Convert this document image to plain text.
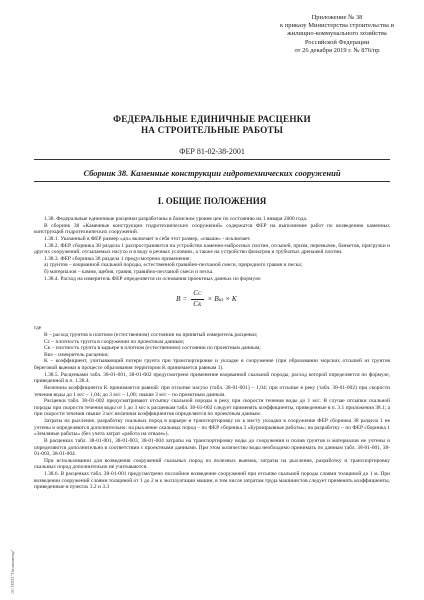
Приложение № 38
к приказу Министерства строительства и
жилищно-коммунального хозяйства
Российской Федерации
от 26 декабря 2019 г. № 876/пр
ФЕДЕРАЛЬНЫЕ ЕДИНИЧНЫЕ РАСЦЕНКИ
НА СТРОИТЕЛЬНЫЕ РАБОТЫ
ФЕР 81-02-38-2001
Сборник 38. Каменные конструкции гидротехнических сооружений
I. ОБЩИЕ ПОЛОЖЕНИЯ

1.38. Федеральные единичные расценки разработаны в базисном уровне цен по состоянию на 1 января 2000 года.

В сборник 38 «Каменные конструкции гидротехнических сооружений» содержатся ФЕР на выполнение работ по возведению каменных конструкций гидротехнических сооружений.

1.38.1. Указанный в ФЕР размер «до» включает в себя этот размер, «свыше» - исключает.

1.38.2. ФЕР сборника 38 раздела 1 распространяются на устройство каменно-набросных плотин, отсыпей, призм, перемычек, банкетов, пригрузки и других сооружений, отсыпаемых насухо и в воду в речных условиях, а также на устройство фильтров и трубчатых дренажей плотин.

1.38.3. ФЕР сборника 38 раздела 1 предусмотрено применение:

а) грунтов – взорванной скальной породы, естественной гравийно-песчаной смеси, природного гравия и песка;

б) материалов – камня, щебня, гравия, гравийно-песчаной смеси и песка.

1.38.4. Расход на измеритель ФЕР определяется из основания проектных данных по формуле:

$B = \frac{CC}{CK}$ × Bиз × K

где

B – расход грунтов в плотном (естественном) состоянии на принятый измеритель расценки;

Cс – плотность грунта в сооружении по проектным данным;

Cк – плотность грунта в карьере в плотном (естественном) состоянии по проектным данным;

Bиз – измеритель расценки;

K – коэффициент, учитывающий потери грунта при транспортировке и укладке в сооружение (при образовании морских отсыпей из грунтов береговой выемки в процессе образования территории K принимается равным 1).

1.38.5. Расценками табл. 38-01-001, 38-01-002 предусмотрено применение взорванной скальной породы, расход которой определяется по формуле, приведенной в п. 1.38.4.

Величина коэффициента K принимается равной: при отсыпке насухо (табл. 38-01-001) – 1,04; при отсыпке в реку (табл. 38-01-002) при скорости течения воды до 1 м/с – 1,04; до 3 м/с – 1,08; свыше 3 м/с – по проектным данным.

Расценки табл. 38-01-002 предусматривают отсыпку скальной породы в реку при скорости течения воды до 1 м/с. В случае отсыпки скальной породы при скорости течения воды от 1 до 3 м/с к расценкам табл. 38-01-002 следует применять коэффициенты, приведенные в п. 3.1 приложения 38.1; а при скорости течения свыше 3 м/с величина коэффициентов определяется по проектным данным.

Затраты на рыхление, разработку скальных пород в карьере и транспортировку их к месту укладки в сооружение ФЕР сборника 38 раздела 1 не учтены и определяются дополнительно: на рыхление скальных пород – по ФЕР сборника 3 «Буровзрывные работы»; на разработку – по ФЕР сборника 1 «Земляные работы» (без учета затрат «работа на отвале»).

В расценках табл. 38-01-001, 38-01-003, 38-01-004 затраты на транспортировку воды до сооружения и полив грунтов и материалов не учтены и определяются дополнительно в соответствии с проектными данными. При этом количество воды необходимо принимать по данным табл. 38-01-001, 38-01-003, 38-01-004.

При использовании для возведения сооружений скальных пород из полезных выемок, затраты на рыхление, разработку и транспортировку скальных пород дополнительно не учитываются.

1.38.6. В расценках табл. 38-01-001 предусмотрено послойное возведение сооружений при отсыпке скальной породы слоями толщиной до 1 м. При возведении сооружений слоями толщиной от 1 до 2 м к эксплуатации машин, в том числе затратам труда машинистов следует применять коэффициенты, приведенные в пунктах 3.2 и 3.3

ЭС НПП "Гоcмонитор"
